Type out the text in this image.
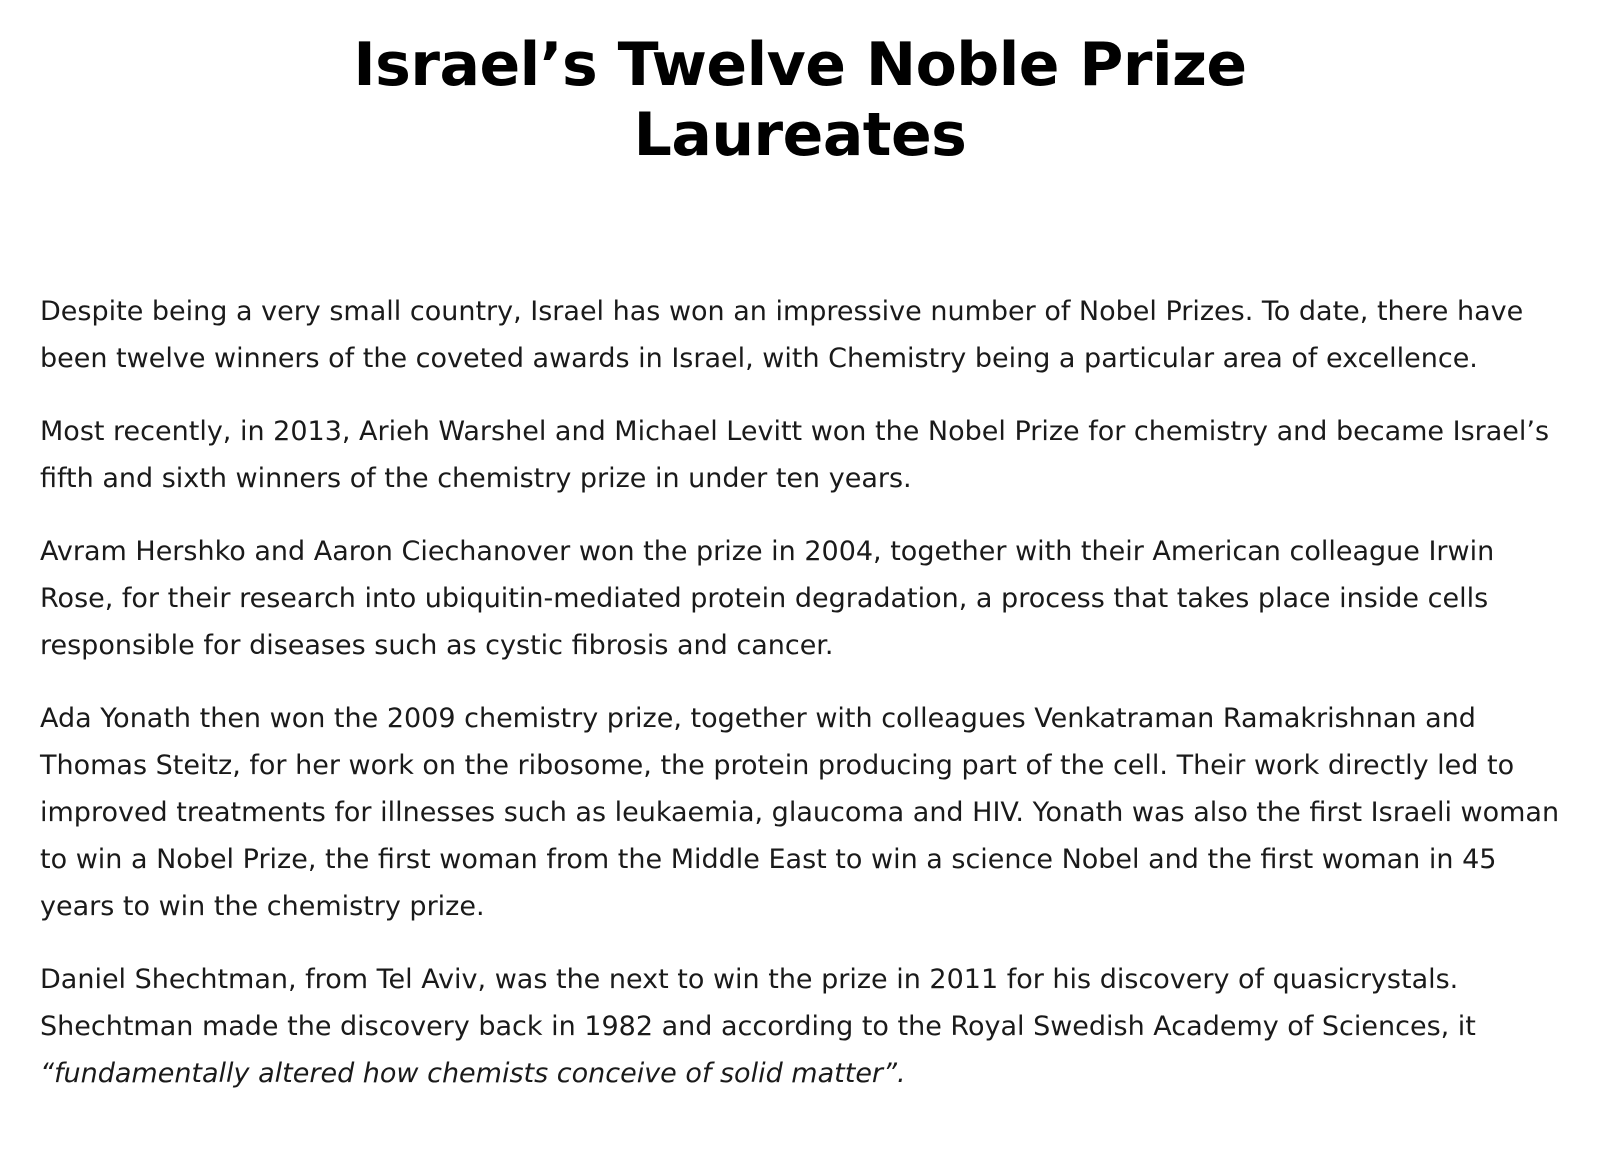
Israel’s Twelve Noble Prize
Laureates

Despite being a very small country, Israel has won an impressive number of Nobel Prizes. To date, there have been twelve winners of the coveted awards in Israel, with Chemistry being a particular area of excellence.

Most recently, in 2013, Arieh Warshel and Michael Levitt won the Nobel Prize for chemistry and became Israel’s fifth and sixth winners of the chemistry prize in under ten years.

Avram Hershko and Aaron Ciechanover won the prize in 2004, together with their American colleague Irwin Rose, for their research into ubiquitin-mediated protein degradation, a process that takes place inside cells responsible for diseases such as cystic fibrosis and cancer.

Ada Yonath then won the 2009 chemistry prize, together with colleagues Venkatraman Ramakrishnan and Thomas Steitz, for her work on the ribosome, the protein producing part of the cell. Their work directly led to improved treatments for illnesses such as leukaemia, glaucoma and HIV. Yonath was also the first Israeli woman to win a Nobel Prize, the first woman from the Middle East to win a science Nobel and the first woman in 45 years to win the chemistry prize.

Daniel Shechtman, from Tel Aviv, was the next to win the prize in 2011 for his discovery of quasicrystals. Shechtman made the discovery back in 1982 and according to the Royal Swedish Academy of Sciences, it “fundamentally altered how chemists conceive of solid matter”.
